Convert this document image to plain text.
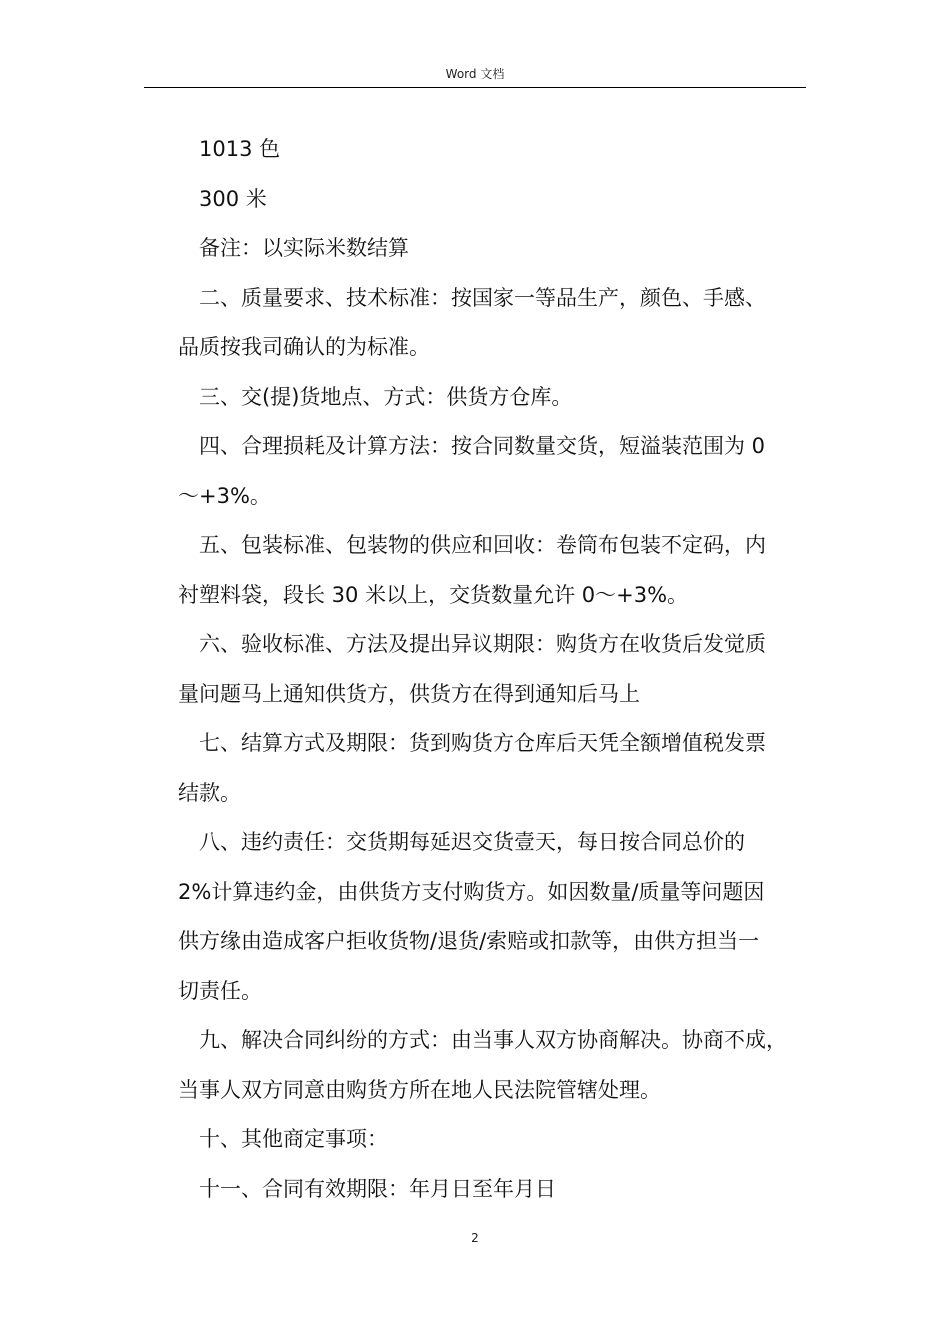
Word 文档
1013 色
300 米
备注：以实际米数结算
二、质量要求、技术标准：按国家一等品生产，颜色、手感、
品质按我司确认的为标准。
三、交(提)货地点、方式：供货方仓库。
四、合理损耗及计算方法：按合同数量交货，短溢装范围为 0
～+3%。
五、包装标准、包装物的供应和回收：卷筒布包装不定码，内
衬塑料袋，段长 30 米以上，交货数量允许 0～+3%。
六、验收标准、方法及提出异议期限：购货方在收货后发觉质
量问题马上通知供货方，供货方在得到通知后马上
七、结算方式及期限：货到购货方仓库后天凭全额增值税发票
结款。
八、违约责任：交货期每延迟交货壹天，每日按合同总价的
2%计算违约金，由供货方支付购货方。如因数量/质量等问题因
供方缘由造成客户拒收货物/退货/索赔或扣款等，由供方担当一
切责任。
九、解决合同纠纷的方式：由当事人双方协商解决。协商不成，
当事人双方同意由购货方所在地人民法院管辖处理。
十、其他商定事项：
十一、合同有效期限：年月日至年月日
2
